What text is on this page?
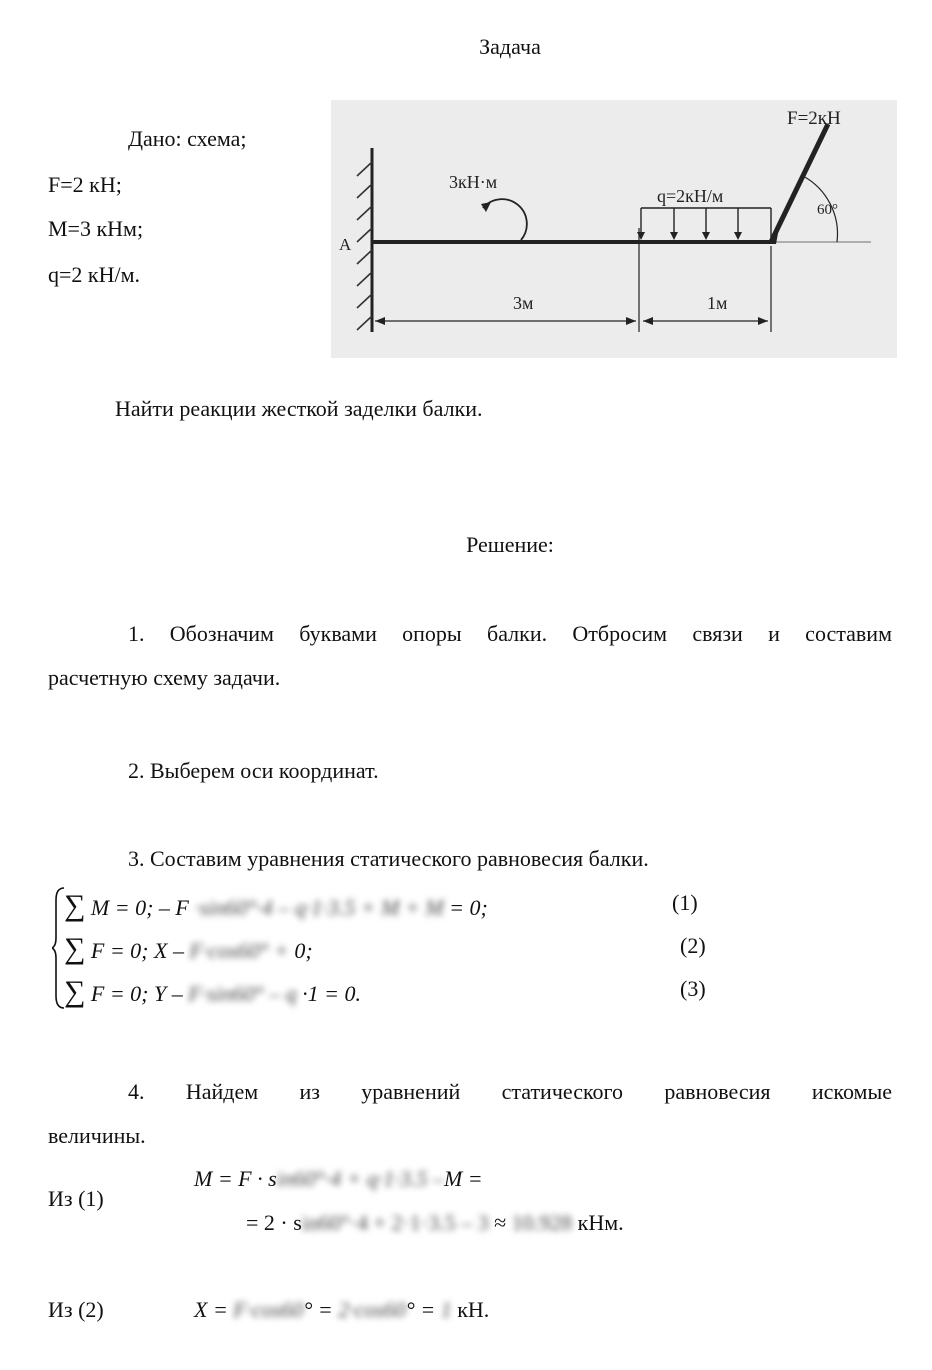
Задача
Дано: схема;
F=2 кН;
M=3 кНм;
q=2 кН/м.
A
3кН·м
q=2кН/м
F=2кН
60°
3м	1м
Найти реакции жесткой заделки балки.
Решение:
1. Обозначим буквами опоры балки. Отбросим связи и составим
расчетную схему задачи.
2. Выберем оси координат.
3. Составим уравнения статического равновесия балки.
∑ M = 0; – F ·sin60°·4 – q·1·3.5 + M + M = 0;	(1)
∑ F = 0; X – F·cos60° + 0;	(2)
∑ F = 0; Y – F·sin60° – q ·1 = 0.	(3)
4. Найдем из уравнений статического равновесия искомые
величины.
Из (1)
M = F · sin60°·4 + q·1·3.5 –M =
= 2 · sin60°·4 + 2·1·3.5 – 3 ≈ 10.928 кНм.
Из (2)	X = F·cos60° = 2·cos60° = 1 кН.
